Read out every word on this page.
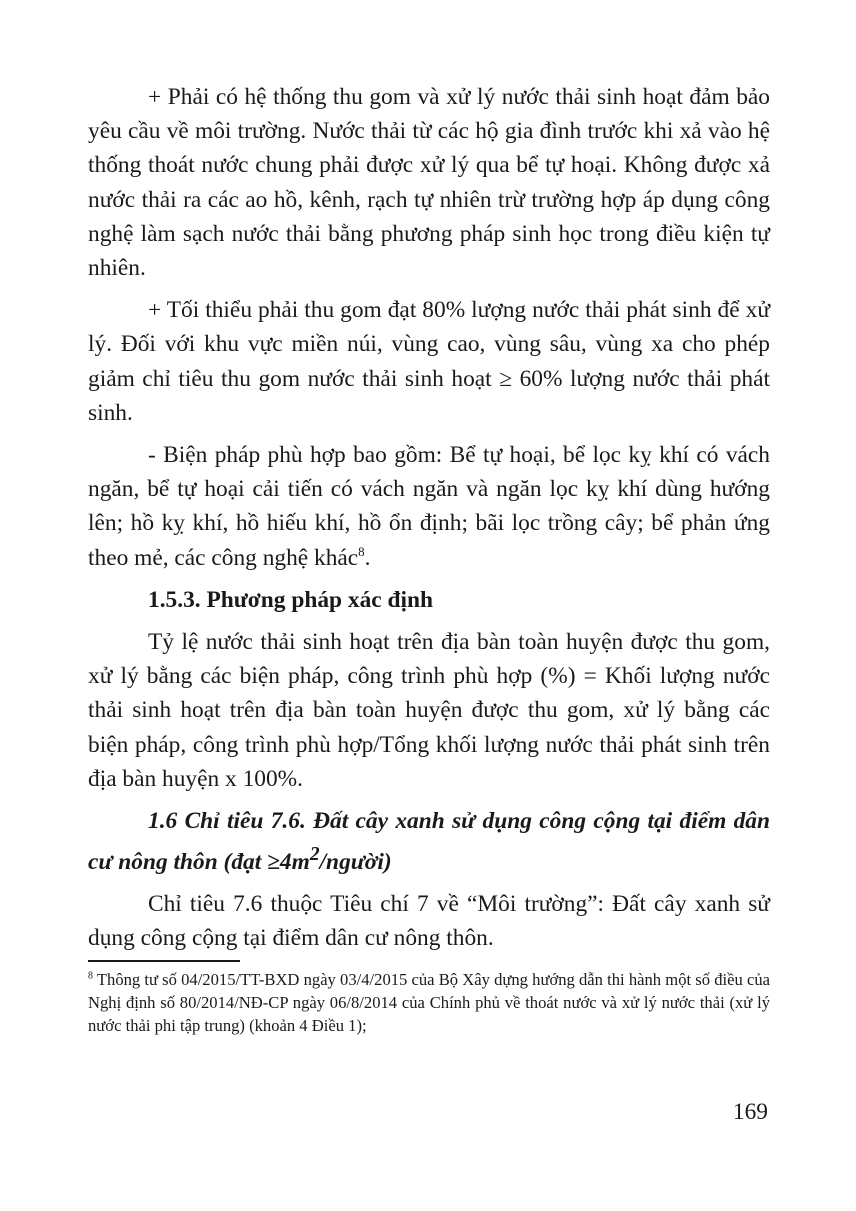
+ Phải có hệ thống thu gom và xử lý nước thải sinh hoạt đảm bảo yêu cầu về môi trường. Nước thải từ các hộ gia đình trước khi xả vào hệ thống thoát nước chung phải được xử lý qua bể tự hoại. Không được xả nước thải ra các ao hồ, kênh, rạch tự nhiên trừ trường hợp áp dụng công nghệ làm sạch nước thải bằng phương pháp sinh học trong điều kiện tự nhiên.

+ Tối thiểu phải thu gom đạt 80% lượng nước thải phát sinh để xử lý. Đối với khu vực miền núi, vùng cao, vùng sâu, vùng xa cho phép giảm chỉ tiêu thu gom nước thải sinh hoạt ≥ 60% lượng nước thải phát sinh.

- Biện pháp phù hợp bao gồm: Bể tự hoại, bể lọc kỵ khí có vách ngăn, bể tự hoại cải tiến có vách ngăn và ngăn lọc kỵ khí dùng hướng lên; hồ kỵ khí, hồ hiếu khí, hồ ổn định; bãi lọc trồng cây; bể phản ứng theo mẻ, các công nghệ khác$^8$.

1.5.3. Phương pháp xác định

Tỷ lệ nước thải sinh hoạt trên địa bàn toàn huyện được thu gom, xử lý bằng các biện pháp, công trình phù hợp (%) = Khối lượng nước thải sinh hoạt trên địa bàn toàn huyện được thu gom, xử lý bằng các biện pháp, công trình phù hợp/Tổng khối lượng nước thải phát sinh trên địa bàn huyện x 100%.

1.6 Chỉ tiêu 7.6. Đất cây xanh sử dụng công cộng tại điểm dân cư nông thôn (đạt $\ge 4m^2/người$)

Chỉ tiêu 7.6 thuộc Tiêu chí 7 về “Môi trường”: Đất cây xanh sử dụng công cộng tại điểm dân cư nông thôn.

$^8$ Thông tư số 04/2015/TT-BXD ngày 03/4/2015 của Bộ Xây dựng hướng dẫn thi hành một số điều của Nghị định số 80/2014/NĐ-CP ngày 06/8/2014 của Chính phủ về thoát nước và xử lý nước thải (xử lý nước thải phi tập trung) (khoản 4 Điều 1);

169
